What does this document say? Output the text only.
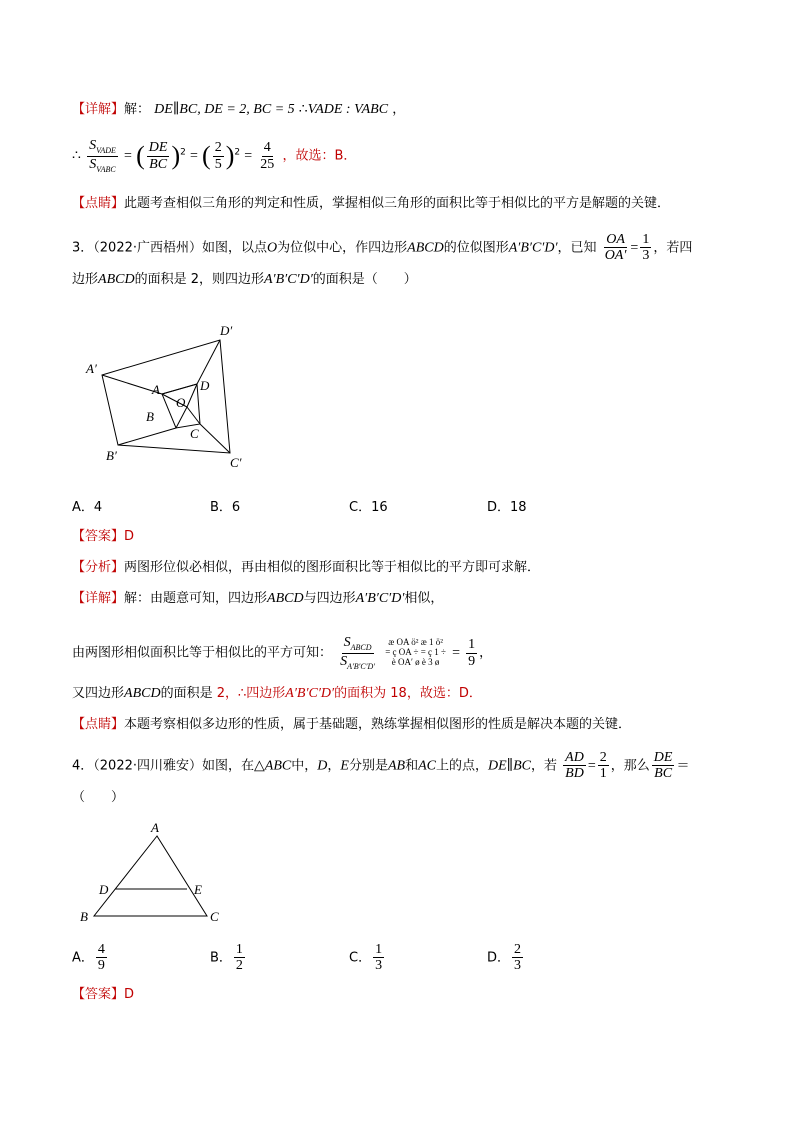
【详解】解： DE∥BC, DE = 2, BC = 5 ∴VADE : VABC ，
∴ $\frac{S_{VADE}}{S_{VABC}}$ = ( $\frac{DE}{BC} )^2$ = ( $\frac{2}{5} )^2 = \frac{4}{25}$ ，故选：B．
【点睛】此题考查相似三角形的判定和性质，掌握相似三角形的面积比等于相似比的平方是解题的关键．
3．（2022·广西梧州）如图，以点O为位似中心，作四边形ABCD的位似图形A′B′C′D′，已知 $\frac{OA}{OA'} = \frac{1}{3}$ ，若四
边形ABCD的面积是 2，则四边形A′B′C′D′的面积是（　　）
A′
D′
C′
B′
A	D
C
B
O
A．4	B．6	C．16	D．18
【答案】D
【分析】两图形位似必相似，再由相似的图形面积比等于相似比的平方即可求解．
【详解】解：由题意可知，四边形ABCD与四边形A′B′C′D′相似，
由两图形相似面积比等于相似比的平方可知： $\frac{S_{ABCD}}{S_{A'B'C'D'}}$
æ OA ö² æ 1 ö²
= ç OA ÷ = ç 1 ÷
è OA′ ø è 3 ø
= $\frac{1}{9}$ ，
又四边形ABCD的面积是 2，∴四边形A′B′C′D′的面积为 18，故选：D．
【点睛】本题考察相似多边形的性质，属于基础题，熟练掌握相似图形的性质是解决本题的关键．
4．（2022·四川雅安）如图，在△ABC中，D，E分别是AB和AC上的点，DE∥BC，若 $\frac{AD}{BD} = \frac{2}{1}$ ，那么 $\frac{DE}{BC}$ ＝
（　　）
A
D	E
B	C
A． $\frac{4}{9}$	B． $\frac{1}{2}$	C． $\frac{1}{3}$	D． $\frac{2}{3}$
【答案】D
